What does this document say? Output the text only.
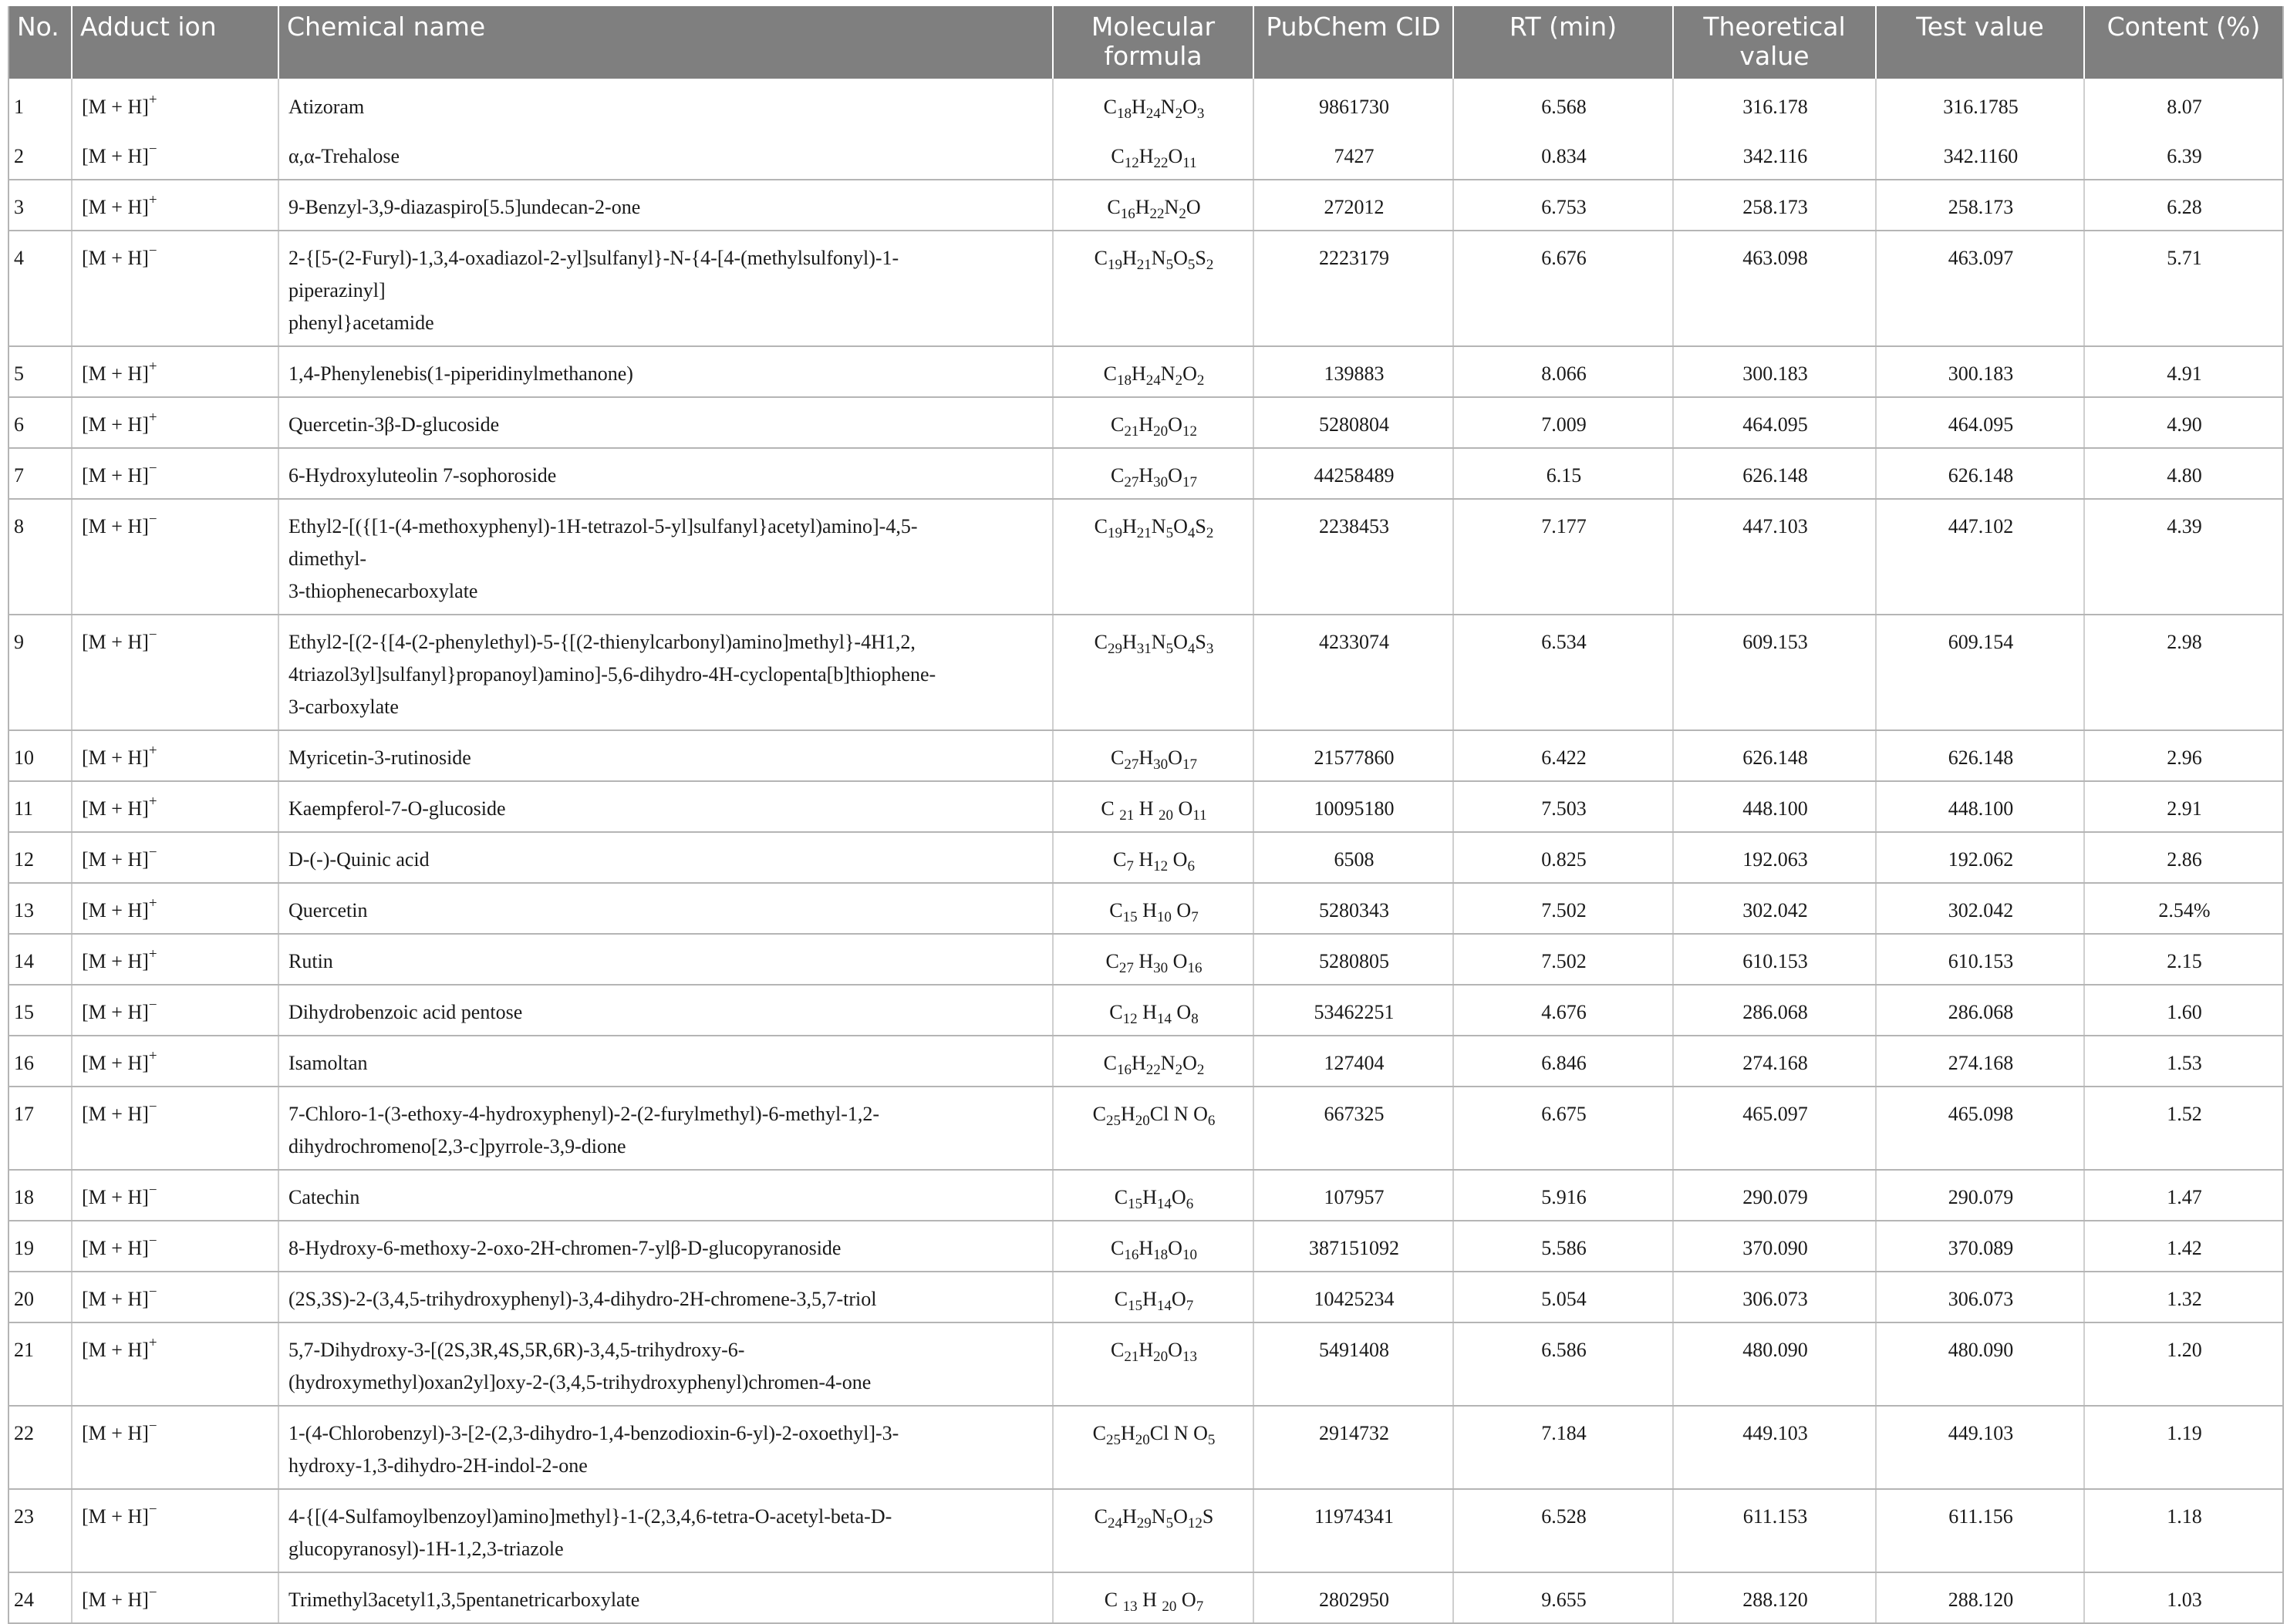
No.	Adduct ion	Chemical name	Molecular formula	PubChem CID	RT (min)	Theoretical value	Test value	Content (%)
1	[M + H]+	Atizoram	$C_{18}H_{24}N_2O_3$	9861730	6.568	316.178	316.1785	8.07
2	[M + H]−	α,α-Trehalose	$C_{12}H_{22}O_{11}$	7427	0.834	342.116	342.1160	6.39
3	[M + H]+	9-Benzyl-3,9-diazaspiro[5.5]undecan-2-one	$C_{16}H_{22}N_2O$	272012	6.753	258.173	258.173	6.28
4	[M + H]−	2-{[5-(2-Furyl)-1,3,4-oxadiazol-2-yl]sulfanyl}-N-{4-[4-(methylsulfonyl)-1-
piperazinyl]
phenyl}acetamide	$C_{19}H_{21}N_5O_5S_2$	2223179	6.676	463.098	463.097	5.71
5	[M + H]+	1,4-Phenylenebis(1-piperidinylmethanone)	$C_{18}H_{24}N_2O_2$	139883	8.066	300.183	300.183	4.91
6	[M + H]+	Quercetin-3β-D-glucoside	$C_{21}H_{20}O_{12}$	5280804	7.009	464.095	464.095	4.90
7	[M + H]−	6-Hydroxyluteolin 7-sophoroside	$C_{27}H_{30}O_{17}$	44258489	6.15	626.148	626.148	4.80
8	[M + H]−	Ethyl2-[({[1-(4-methoxyphenyl)-1H-tetrazol-5-yl]sulfanyl}acetyl)amino]-4,5-
dimethyl-
3-thiophenecarboxylate	$C_{19}H_{21}N_5O_4S_2$	2238453	7.177	447.103	447.102	4.39
9	[M + H]−	Ethyl2-[(2-{[4-(2-phenylethyl)-5-{[(2-thienylcarbonyl)amino]methyl}-4H1,2,
4triazol3yl]sulfanyl}propanoyl)amino]-5,6-dihydro-4H-cyclopenta[b]thiophene-
3-carboxylate	$C_{29}H_{31}N_5O_4S_3$	4233074	6.534	609.153	609.154	2.98
10	[M + H]+	Myricetin-3-rutinoside	$C_{27}H_{30}O_{17}$	21577860	6.422	626.148	626.148	2.96
11	[M + H]+	Kaempferol-7-O-glucoside	C $_{21}$ H $_{20}$ $O_{11}$	10095180	7.503	448.100	448.100	2.91
12	[M + H]−	D-(-)-Quinic acid	$C_7$ $H_{12}$ $O_6$	6508	0.825	192.063	192.062	2.86
13	[M + H]+	Quercetin	$C_{15}$ $H_{10}$ $O_7$	5280343	7.502	302.042	302.042	2.54%
14	[M + H]+	Rutin	$C_{27}$ $H_{30}$ $O_{16}$	5280805	7.502	610.153	610.153	2.15
15	[M + H]−	Dihydrobenzoic acid pentose	$C_{12}$ $H_{14}$ $O_8$	53462251	4.676	286.068	286.068	1.60
16	[M + H]+	Isamoltan	$C_{16}H_{22}N_2O_2$	127404	6.846	274.168	274.168	1.53
17	[M + H]−	7-Chloro-1-(3-ethoxy-4-hydroxyphenyl)-2-(2-furylmethyl)-6-methyl-1,2-
dihydrochromeno[2,3-c]pyrrole-3,9-dione	$C_{25}H_{20}Cl$ N $O_6$	667325	6.675	465.097	465.098	1.52
18	[M + H]−	Catechin	$C_{15}H_{14}O_6$	107957	5.916	290.079	290.079	1.47
19	[M + H]−	8-Hydroxy-6-methoxy-2-oxo-2H-chromen-7-ylβ-D-glucopyranoside	$C_{16}H_{18}O_{10}$	387151092	5.586	370.090	370.089	1.42
20	[M + H]−	(2S,3S)-2-(3,4,5-trihydroxyphenyl)-3,4-dihydro-2H-chromene-3,5,7-triol	$C_{15}H_{14}O_7$	10425234	5.054	306.073	306.073	1.32
21	[M + H]+	5,7-Dihydroxy-3-[(2S,3R,4S,5R,6R)-3,4,5-trihydroxy-6-
(hydroxymethyl)oxan2yl]oxy-2-(3,4,5-trihydroxyphenyl)chromen-4-one	$C_{21}H_{20}O_{13}$	5491408	6.586	480.090	480.090	1.20
22	[M + H]−	1-(4-Chlorobenzyl)-3-[2-(2,3-dihydro-1,4-benzodioxin-6-yl)-2-oxoethyl]-3-
hydroxy-1,3-dihydro-2H-indol-2-one	$C_{25}H_{20}Cl$ N $O_5$	2914732	7.184	449.103	449.103	1.19
23	[M + H]−	4-{[(4-Sulfamoylbenzoyl)amino]methyl}-1-(2,3,4,6-tetra-O-acetyl-beta-D-
glucopyranosyl)-1H-1,2,3-triazole	$C_{24}H_{29}N_5O_{12}S$	11974341	6.528	611.153	611.156	1.18
24	[M + H]−	Trimethyl3acetyl1,3,5pentanetricarboxylate	C $_{13}$ H $_{20}$ $O_7$	2802950	9.655	288.120	288.120	1.03
